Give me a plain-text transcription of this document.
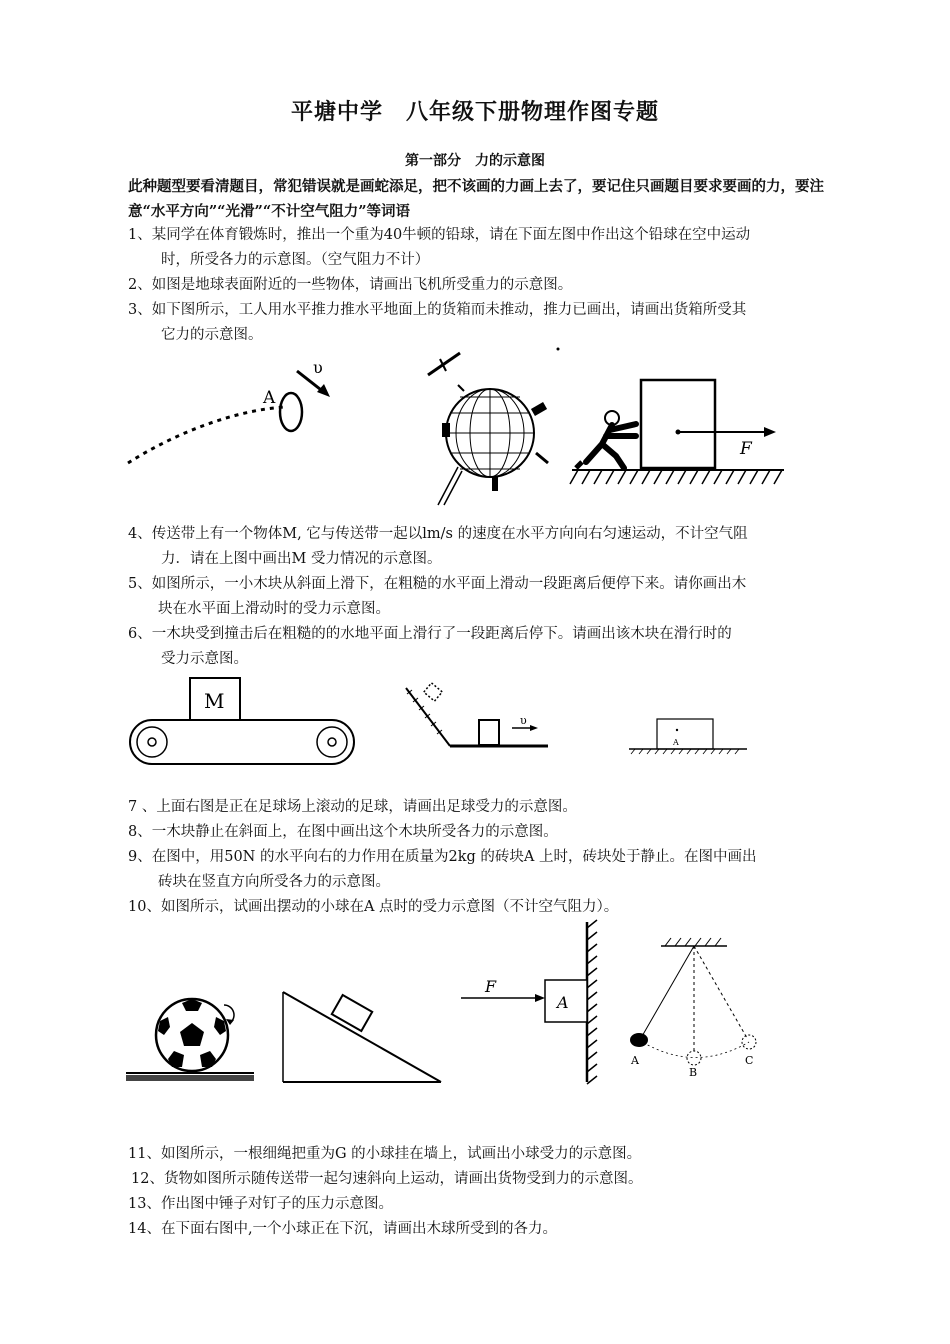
平塘中学　八年级下册物理作图专题
第一部分　力的示意图
此种题型要看清题目，常犯错误就是画蛇添足，把不该画的力画上去了，要记住只画题目要求要画的力，要注意“水平方向”“光滑”“不计空气阻力”等词语
1、某同学在体育锻炼时，推出一个重为40牛顿的铅球，请在下面左图中作出这个铅球在空中运动
时，所受各力的示意图。（空气阻力不计）
2、如图是地球表面附近的一些物体，请画出飞机所受重力的示意图。
3、如下图所示，工人用水平推力推水平地面上的货箱而未推动，推力已画出，请画出货箱所受其
它力的示意图。
A
υ
F
4、传送带上有一个物体M, 它与传送带一起以lm/s 的速度在水平方向向右匀速运动，不计空气阻
力．请在上图中画出M 受力情况的示意图。
5、如图所示，一小木块从斜面上滑下，在粗糙的水平面上滑动一段距离后便停下来。请你画出木
块在水平面上滑动时的受力示意图。
6、一木块受到撞击后在粗糙的的水地平面上滑行了一段距离后停下。请画出该木块在滑行时的
受力示意图。
M
υ
A
7 、上面右图是正在足球场上滚动的足球，请画出足球受力的示意图。
8、一木块静止在斜面上，在图中画出这个木块所受各力的示意图。
9、在图中，用50N 的水平向右的力作用在质量为2kg 的砖块A 上时，砖块处于静止。在图中画出
砖块在竖直方向所受各力的示意图。
10、如图所示，试画出摆动的小球在A 点时的受力示意图（不计空气阻力）。
A
F
A
B
C
11、如图所示，一根细绳把重为G 的小球挂在墙上，试画出小球受力的示意图。
12、货物如图所示随传送带一起匀速斜向上运动，请画出货物受到力的示意图。
13、作出图中锤子对钉子的压力示意图。
14、在下面右图中,一个小球正在下沉，请画出木球所受到的各力。
